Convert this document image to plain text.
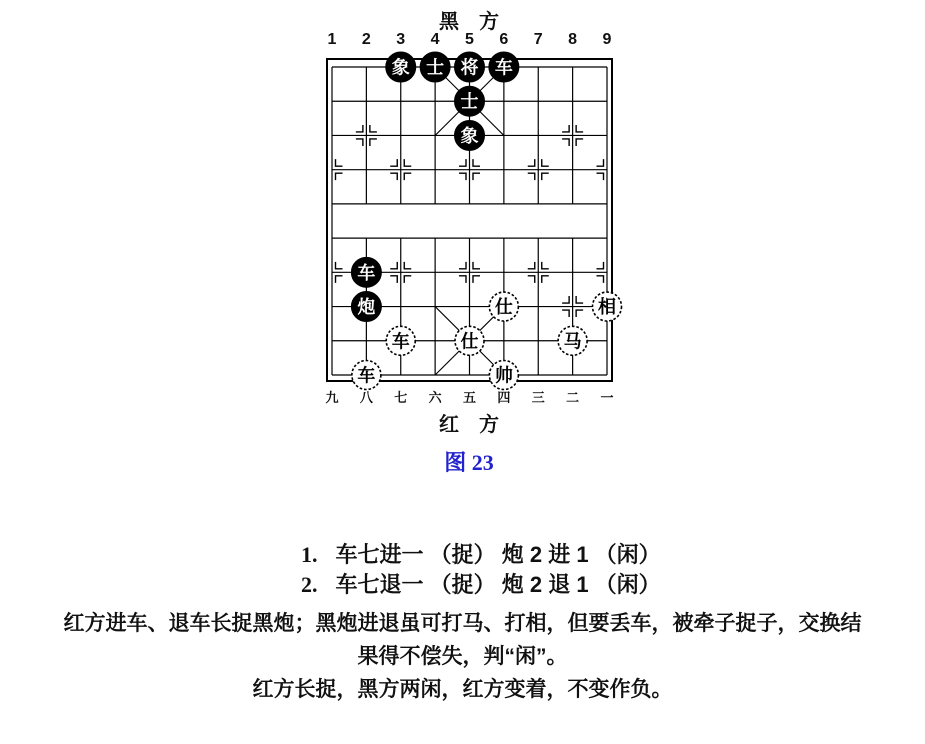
黑　方
1	2	3	4	5	6	7	8	9
象 士 将 车
士
象
车
炮	仕	相
车	仕	马
车	帅
九 八 七 六 五 四 三 二 一
红　方
图 23

1. 车七进一 （捉） 炮 2 进 1 （闲）

2. 车七退一 （捉） 炮 2 退 1 （闲）

红方进车、退车长捉黑炮；黑炮进退虽可打马、打相，但要丢车，被牵子捉子，交换结
果得不偿失，判“闲”。
红方长捉，黑方两闲，红方变着，不变作负。
